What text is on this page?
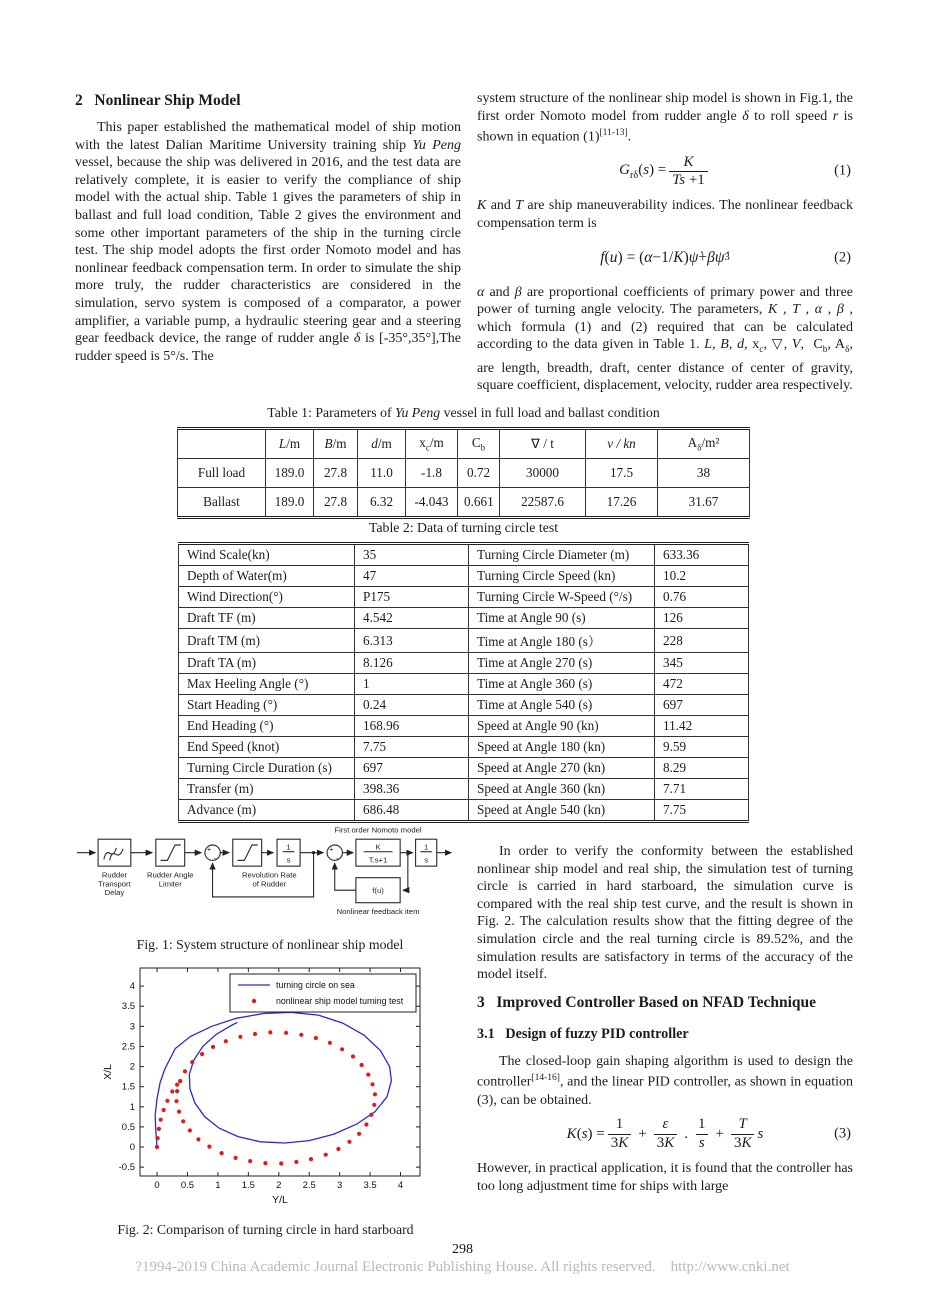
2   Nonlinear Ship Model

This paper established the mathematical model of ship motion with the latest Dalian Maritime University training ship Yu Peng vessel, because the ship was delivered in 2016, and the test data are relatively complete, it is easier to verify the compliance of ship model with the actual ship. Table 1 gives the parameters of ship in ballast and full load condition, Table 2 gives the environment and some other important parameters of the ship in the turning circle test. The ship model adopts the first order Nomoto model and has nonlinear feedback compensation term. In order to simulate the ship more truly, the rudder characteristics are considered in the simulation, servo system is composed of a comparator, a power amplifier, a variable pump, a hydraulic steering gear and a steering gear feedback device, the range of rudder angle δ is [-35°,35°],The rudder speed is 5°/s. The

system structure of the nonlinear ship model is shown in Fig.1, the first order Nomoto model from rudder angle δ to roll speed r is shown in equation (1)[11-13].

$G_{r\delta}(s) = \frac{K}{Ts +1}$	(1)

K and T are ship maneuverability indices. The nonlinear feedback compensation term is

f ( u ) = ( α −1/ K ) ψ̇ + β ψ̇ 3	(2)

α and β are proportional coefficients of primary power and three power of turning angle velocity. The parameters, K , T , α , β , which formula (1) and (2) required that can be calculated according to the data given in Table 1. L, B, d, $x_c$, ▽, V,  $C_b$, $A_\delta$, are length, breadth, draft, center distance of center of gravity, square coefficient, displacement, velocity, rudder area respectively.

Table 1: Parameters of Yu Peng vessel in full load and ballast condition
	L/m	B/m	d/m	$x_c/m$	$C_b$	∇ / t	v / kn	$A_\delta/m^2$
Full load	189.0	27.8	11.0	-1.8	0.72	30000	17.5	38
Ballast	189.0	27.8	6.32	-4.043	0.661	22587.6	17.26	31.67
Table 2: Data of turning circle test
Wind Scale(kn)	35	Turning Circle Diameter (m)	633.36
Depth of Water(m)	47	Turning Circle Speed (kn)	10.2
Wind Direction(°)	P175	Turning Circle W-Speed (°/s)	0.76
Draft TF (m)	4.542	Time at Angle 90 (s)	126
Draft TM (m)	6.313	Time at Angle 180 (s）	228
Draft TA (m)	8.126	Time at Angle 270 (s)	345
Max Heeling Angle (°)	1	Time at Angle 360 (s)	472
Start Heading (°)	0.24	Time at Angle 540 (s)	697
End Heading (°)	168.96	Speed at Angle 90 (kn)	11.42
End Speed (knot)	7.75	Speed at Angle 180 (kn)	9.59
Turning Circle Duration (s)	697	Speed at Angle 270 (kn)	8.29
Transfer (m)	398.36	Speed at Angle 360 (kn)	7.71
Advance (m)	686.48	Speed at Angle 540 (kn)	7.75
+
−
1
s
+
−
K
T.s+1
1
s
f(u)
Rudder
Transport
Delay
Rudder Angle
Limiter
Revolution Rate
of Rudder
First order Nomoto model
Nonlinear feedback item
Fig. 1: System structure of nonlinear ship model
0 0.5 1 1.5 2 2.5 3 3.5 4
-0.5
0
0.5
1
1.5
2
2.5
3
3.5
4
Y/L
X/L
turning circle on sea
nonlinear ship model turning test
Fig. 2: Comparison of turning circle in hard starboard

In order to verify the conformity between the established nonlinear ship model and real ship, the simulation test of turning circle is carried in hard starboard, the simulation curve is compared with the real ship test curve, and the result is shown in Fig. 2. The calculation results show that the fitting degree of the simulation circle and the real turning circle is 89.52%, and the simulation results are satisfactory in terms of the accuracy of the model itself.

3   Improved Controller Based on NFAD Technique
3.1   Design of fuzzy PID controller

The closed-loop gain shaping algorithm is used to design the controller[14-16], and the linear PID controller, as shown in equation (3), can be obtained.

$K(s) = \frac{1}{3K} + \frac{\varepsilon}{3K}$ . $\frac{1}{s} + \frac{T}{3K}$ s	(3)

However, in practical application, it is found that the controller has too long adjustment time for ships with large

298
?1994-2019 China Academic Journal Electronic Publishing House. All rights reserved.    http://www.cnki.net
